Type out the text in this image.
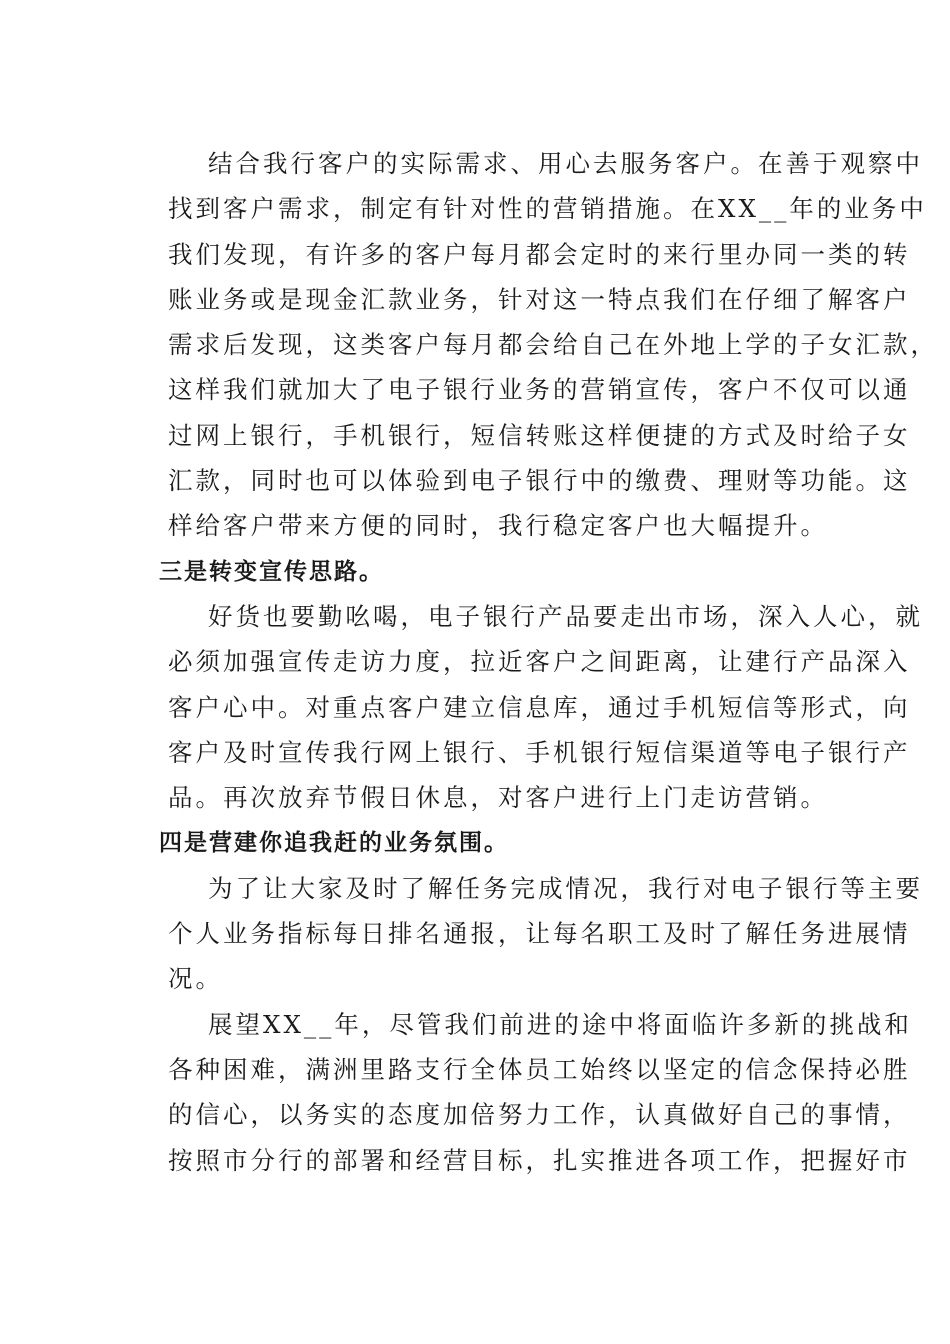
结合我行客户的实际需求、用心去服务客户。在善于观察中
找到客户需求，制定有针对性的营销措施。在XX__年的业务中
我们发现，有许多的客户每月都会定时的来行里办同一类的转
账业务或是现金汇款业务，针对这一特点我们在仔细了解客户
需求后发现，这类客户每月都会给自己在外地上学的子女汇款，
这样我们就加大了电子银行业务的营销宣传，客户不仅可以通
过网上银行，手机银行，短信转账这样便捷的方式及时给子女
汇款，同时也可以体验到电子银行中的缴费、理财等功能。这
样给客户带来方便的同时，我行稳定客户也大幅提升。
三是转变宣传思路。
好货也要勤吆喝，电子银行产品要走出市场，深入人心，就
必须加强宣传走访力度，拉近客户之间距离，让建行产品深入
客户心中。对重点客户建立信息库，通过手机短信等形式，向
客户及时宣传我行网上银行、手机银行短信渠道等电子银行产
品。再次放弃节假日休息，对客户进行上门走访营销。
四是营建你追我赶的业务氛围。
为了让大家及时了解任务完成情况，我行对电子银行等主要
个人业务指标每日排名通报，让每名职工及时了解任务进展情
况。
展望XX__年，尽管我们前进的途中将面临许多新的挑战和
各种困难，满洲里路支行全体员工始终以坚定的信念保持必胜
的信心，以务实的态度加倍努力工作，认真做好自己的事情，
按照市分行的部署和经营目标，扎实推进各项工作，把握好市
